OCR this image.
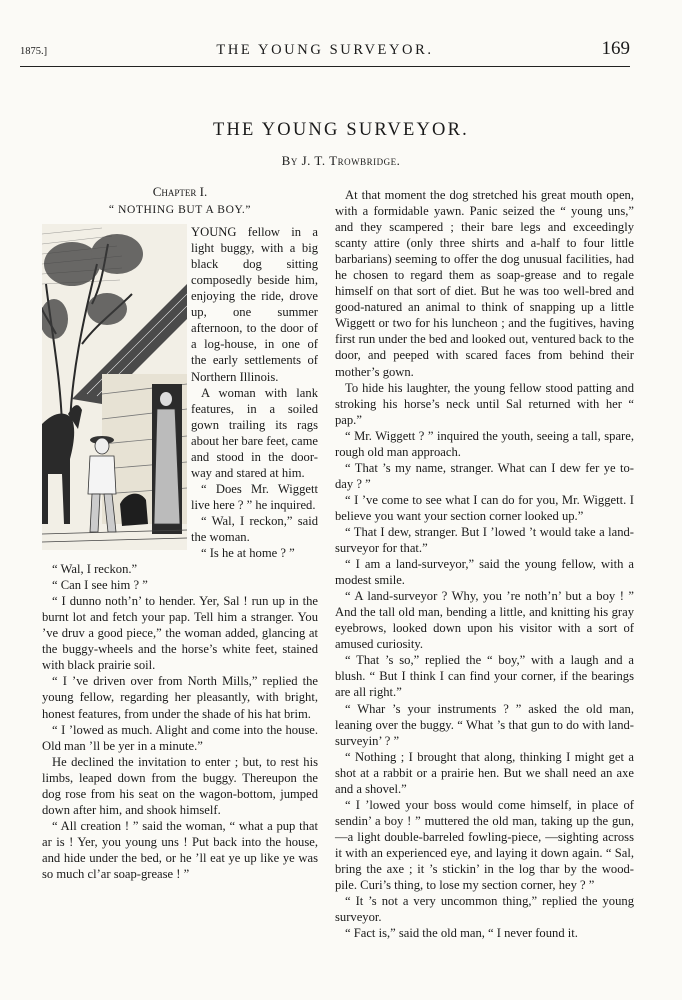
1875.]	THE YOUNG SURVEYOR.	169
THE YOUNG SURVEYOR.
By J. T. Trowbridge.
Chapter I.
“ NOTHING BUT A BOY.”

YOUNG fellow in a light buggy, with a big black dog sitting composedly beside him, enjoying the ride, drove up, one summer afternoon, to the door of a log-house, in one of the early settlements of Northern Illinois.

A woman with lank features, in a soiled gown trailing its rags about her bare feet, came and stood in the door-way and stared at him.

“ Does Mr. Wiggett live here ? ” he inquired.

“ Wal, I reckon,” said the woman.

“ Is he at home ? ”

“ Wal, I reckon.”

“ Can I see him ? ”

“ I dunno noth’n’ to hender. Yer, Sal ! run up in the burnt lot and fetch your pap. Tell him a stranger. You ’ve druv a good piece,” the woman added, glancing at the buggy-wheels and the horse’s white feet, stained with black prairie soil.

“ I ’ve driven over from North Mills,” replied the young fellow, regarding her pleasantly, with bright, honest features, from under the shade of his hat brim.

“ I ’lowed as much. Alight and come into the house. Old man ’ll be yer in a minute.”

He declined the invitation to enter ; but, to rest his limbs, leaped down from the buggy. Thereupon the dog rose from his seat on the wagon-bottom, jumped down after him, and shook himself.

“ All creation ! ” said the woman, “ what a pup that ar is ! Yer, you young uns ! Put back into the house, and hide under the bed, or he ’ll eat ye up like ye was so much cl’ar soap-grease ! ”

At that moment the dog stretched his great mouth open, with a formidable yawn. Panic seized the “ young uns,” and they scampered ; their bare legs and exceedingly scanty attire (only three shirts and a-half to four little barbarians) seeming to offer the dog unusual facilities, had he chosen to regard them as soap-grease and to regale himself on that sort of diet. But he was too well-bred and good-natured an animal to think of snapping up a little Wiggett or two for his luncheon ; and the fugitives, having first run under the bed and looked out, ventured back to the door, and peeped with scared faces from behind their mother’s gown.

To hide his laughter, the young fellow stood patting and stroking his horse’s neck until Sal returned with her “ pap.”

“ Mr. Wiggett ? ” inquired the youth, seeing a tall, spare, rough old man approach.

“ That ’s my name, stranger. What can I dew fer ye to-day ? ”

“ I ’ve come to see what I can do for you, Mr. Wiggett. I believe you want your section corner looked up.”

“ That I dew, stranger. But I ’lowed ’t would take a land-surveyor for that.”

“ I am a land-surveyor,” said the young fellow, with a modest smile.

“ A land-surveyor ? Why, you ’re noth’n’ but a boy ! ” And the tall old man, bending a little, and knitting his gray eyebrows, looked down upon his visitor with a sort of amused curiosity.

“ That ’s so,” replied the “ boy,” with a laugh and a blush. “ But I think I can find your corner, if the bearings are all right.”

“ Whar ’s your instruments ? ” asked the old man, leaning over the buggy. “ What ’s that gun to do with land-surveyin’ ? ”

“ Nothing ; I brought that along, thinking I might get a shot at a rabbit or a prairie hen. But we shall need an axe and a shovel.”

“ I ’lowed your boss would come himself, in place of sendin’ a boy ! ” muttered the old man, taking up the gun,—a light double-barreled fowling-piece, —sighting across it with an experienced eye, and laying it down again. “ Sal, bring the axe ; it ’s stickin’ in the log thar by the wood-pile. Curi’s thing, to lose my section corner, hey ? ”

“ It ’s not a very uncommon thing,” replied the young surveyor.

“ Fact is,” said the old man, “ I never found it.
